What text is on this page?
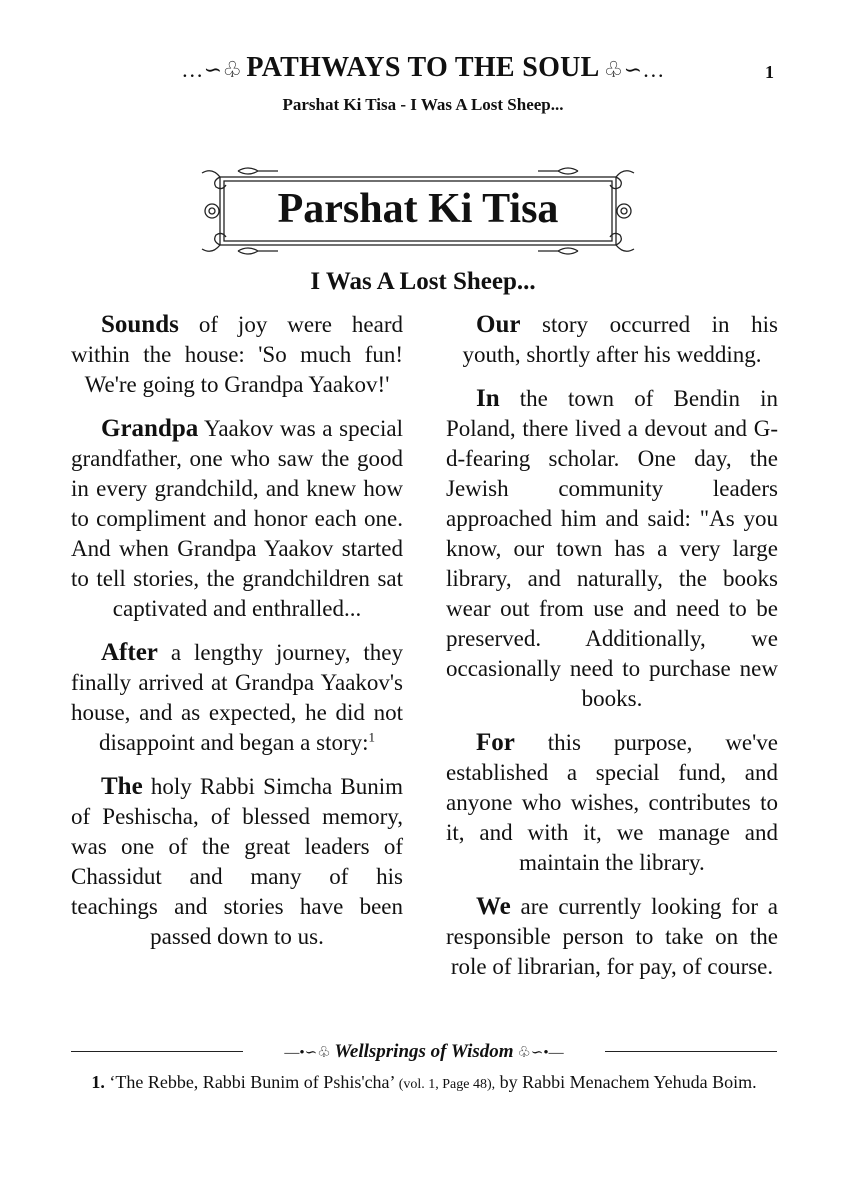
…∽♧ PATHWAYS TO THE SOUL ♧∽…	1
Parshat Ki Tisa - I Was A Lost Sheep...
Parshat Ki Tisa
I Was A Lost Sheep...

Sounds of joy were heard within the house: 'So much fun! We're going to Grandpa Yaakov!'

Grandpa Yaakov was a special grandfather, one who saw the good in every grandchild, and knew how to compliment and honor each one. And when Grandpa Yaakov started to tell stories, the grandchildren sat captivated and enthralled...

After a lengthy journey, they finally arrived at Grandpa Yaakov's house, and as expected, he did not disappoint and began a story:$^1$

The holy Rabbi Simcha Bunim of Peshischa, of blessed memory, was one of the great leaders of Chassidut and many of his teachings and stories have been passed down to us.

Our story occurred in his youth, shortly after his wedding.

In the town of Bendin in Poland, there lived a devout and G-d-fearing scholar. One day, the Jewish community leaders approached him and said: "As you know, our town has a very large library, and naturally, the books wear out from use and need to be preserved. Additionally, we occasionally need to purchase new books.

For this purpose, we've established a special fund, and anyone who wishes, contributes to it, and with it, we manage and maintain the library.

We are currently looking for a responsible person to take on the role of librarian, for pay, of course.

—•∽♧ Wellsprings of Wisdom ♧∽•—
1. ‘The Rebbe, Rabbi Bunim of Pshis'cha’ (vol. 1, Page 48), by Rabbi Menachem Yehuda Boim.
